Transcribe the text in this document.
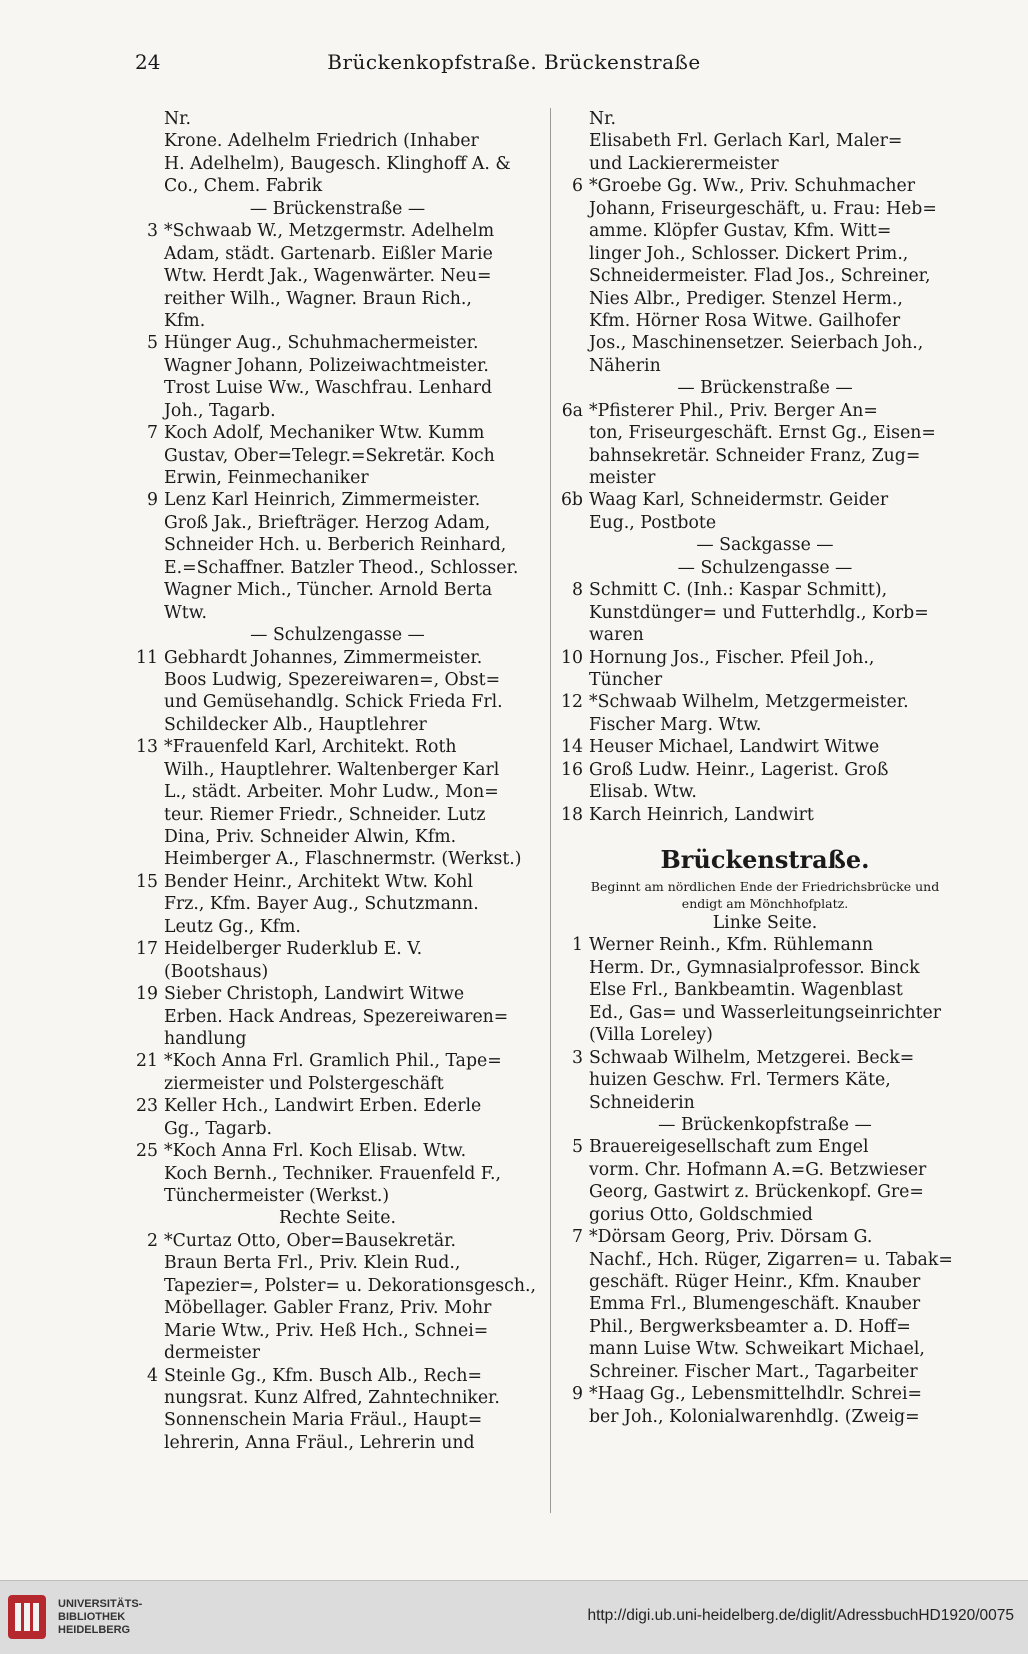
24	Brückenkopfstraße. Brückenstraße
Nr.
Krone. Adelhelm Friedrich (Inhaber
H. Adelhelm), Baugesch. Klinghoff A. &
Co., Chem. Fabrik
— Brückenstraße —
3 *Schwaab W., Metzgermstr. Adelhelm
Adam, städt. Gartenarb. Eißler Marie
Wtw. Herdt Jak., Wagenwärter. Neu=
reither Wilh., Wagner. Braun Rich.,
Kfm.
5 Hünger Aug., Schuhmachermeister.
Wagner Johann, Polizeiwachtmeister.
Trost Luise Ww., Waschfrau. Lenhard
Joh., Tagarb.
7 Koch Adolf, Mechaniker Wtw. Kumm
Gustav, Ober=Telegr.=Sekretär. Koch
Erwin, Feinmechaniker
9 Lenz Karl Heinrich, Zimmermeister.
Groß Jak., Briefträger. Herzog Adam,
Schneider Hch. u. Berberich Reinhard,
E.=Schaffner. Batzler Theod., Schlosser.
Wagner Mich., Tüncher. Arnold Berta
Wtw.
— Schulzengasse —
11 Gebhardt Johannes, Zimmermeister.
Boos Ludwig, Spezereiwaren=, Obst=
und Gemüsehandlg. Schick Frieda Frl.
Schildecker Alb., Hauptlehrer
13 *Frauenfeld Karl, Architekt. Roth
Wilh., Hauptlehrer. Waltenberger Karl
L., städt. Arbeiter. Mohr Ludw., Mon=
teur. Riemer Friedr., Schneider. Lutz
Dina, Priv. Schneider Alwin, Kfm.
Heimberger A., Flaschnermstr. (Werkst.)
15 Bender Heinr., Architekt Wtw. Kohl
Frz., Kfm. Bayer Aug., Schutzmann.
Leutz Gg., Kfm.
17 Heidelberger Ruderklub E. V.
(Bootshaus)
19 Sieber Christoph, Landwirt Witwe
Erben. Hack Andreas, Spezereiwaren=
handlung
21 *Koch Anna Frl. Gramlich Phil., Tape=
ziermeister und Polstergeschäft
23 Keller Hch., Landwirt Erben. Ederle
Gg., Tagarb.
25 *Koch Anna Frl. Koch Elisab. Wtw.
Koch Bernh., Techniker. Frauenfeld F.,
Tünchermeister (Werkst.)
Rechte Seite.
2 *Curtaz Otto, Ober=Bausekretär.
Braun Berta Frl., Priv. Klein Rud.,
Tapezier=, Polster= u. Dekorationsgesch.,
Möbellager. Gabler Franz, Priv. Mohr
Marie Wtw., Priv. Heß Hch., Schnei=
dermeister
4 Steinle Gg., Kfm. Busch Alb., Rech=
nungsrat. Kunz Alfred, Zahntechniker.
Sonnenschein Maria Fräul., Haupt=
lehrerin, Anna Fräul., Lehrerin und
Nr.
Elisabeth Frl. Gerlach Karl, Maler=
und Lackierermeister
6 *Groebe Gg. Ww., Priv. Schuhmacher
Johann, Friseurgeschäft, u. Frau: Heb=
amme. Klöpfer Gustav, Kfm. Witt=
linger Joh., Schlosser. Dickert Prim.,
Schneidermeister. Flad Jos., Schreiner,
Nies Albr., Prediger. Stenzel Herm.,
Kfm. Hörner Rosa Witwe. Gailhofer
Jos., Maschinensetzer. Seierbach Joh.,
Näherin
— Brückenstraße —
6a *Pfisterer Phil., Priv. Berger An=
ton, Friseurgeschäft. Ernst Gg., Eisen=
bahnsekretär. Schneider Franz, Zug=
meister
6b Waag Karl, Schneidermstr. Geider
Eug., Postbote
— Sackgasse —
— Schulzengasse —
8 Schmitt C. (Inh.: Kaspar Schmitt),
Kunstdünger= und Futterhdlg., Korb=
waren
10 Hornung Jos., Fischer. Pfeil Joh.,
Tüncher
12 *Schwaab Wilhelm, Metzgermeister.
Fischer Marg. Wtw.
14 Heuser Michael, Landwirt Witwe
16 Groß Ludw. Heinr., Lagerist. Groß
Elisab. Wtw.
18 Karch Heinrich, Landwirt
Brückenstraße.
Beginnt am nördlichen Ende der Friedrichsbrücke und
endigt am Mönchhofplatz.
Linke Seite.
1 Werner Reinh., Kfm. Rühlemann
Herm. Dr., Gymnasialprofessor. Binck
Else Frl., Bankbeamtin. Wagenblast
Ed., Gas= und Wasserleitungseinrichter
(Villa Loreley)
3 Schwaab Wilhelm, Metzgerei. Beck=
huizen Geschw. Frl. Termers Käte,
Schneiderin
— Brückenkopfstraße —
5 Brauereigesellschaft zum Engel
vorm. Chr. Hofmann A.=G. Betzwieser
Georg, Gastwirt z. Brückenkopf. Gre=
gorius Otto, Goldschmied
7 *Dörsam Georg, Priv. Dörsam G.
Nachf., Hch. Rüger, Zigarren= u. Tabak=
geschäft. Rüger Heinr., Kfm. Knauber
Emma Frl., Blumengeschäft. Knauber
Phil., Bergwerksbeamter a. D. Hoff=
mann Luise Wtw. Schweikart Michael,
Schreiner. Fischer Mart., Tagarbeiter
9 *Haag Gg., Lebensmittelhdlr. Schrei=
ber Joh., Kolonialwarenhdlg. (Zweig=
UNIVERSITÄTS-
BIBLIOTHEK
HEIDELBERG
http://digi.ub.uni-heidelberg.de/diglit/AdressbuchHD1920/0075
